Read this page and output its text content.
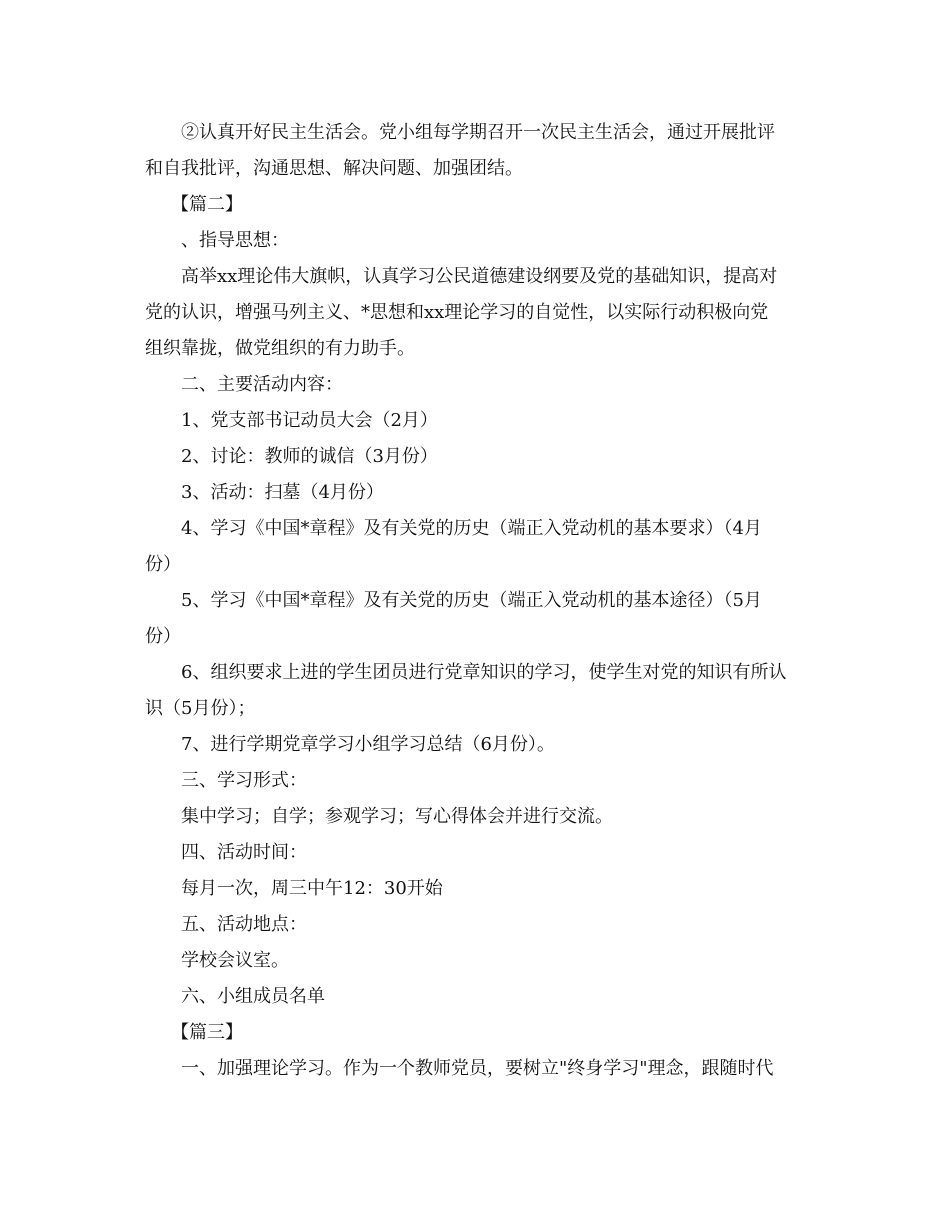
②认真开好民主生活会。党小组每学期召开一次民主生活会，通过开展批评
和自我批评，沟通思想、解决问题、加强团结。
【篇二】
、指导思想：
高举xx理论伟大旗帜，认真学习公民道德建设纲要及党的基础知识，提高对
党的认识，增强马列主义、*思想和xx理论学习的自觉性，以实际行动积极向党
组织靠拢，做党组织的有力助手。
二、主要活动内容：
1、党支部书记动员大会（2月）
2、讨论：教师的诚信（3月份）
3、活动：扫墓（4月份）
4、学习《中国*章程》及有关党的历史（端正入党动机的基本要求）（4月
份）
5、学习《中国*章程》及有关党的历史（端正入党动机的基本途径）（5月
份）
6、组织要求上进的学生团员进行党章知识的学习，使学生对党的知识有所认
识（5月份）；
7、进行学期党章学习小组学习总结（6月份）。
三、学习形式：
集中学习；自学；参观学习；写心得体会并进行交流。
四、活动时间：
每月一次，周三中午12：30开始
五、活动地点：
学校会议室。
六、小组成员名单
【篇三】
一、加强理论学习。作为一个教师党员，要树立"终身学习"理念，跟随时代
